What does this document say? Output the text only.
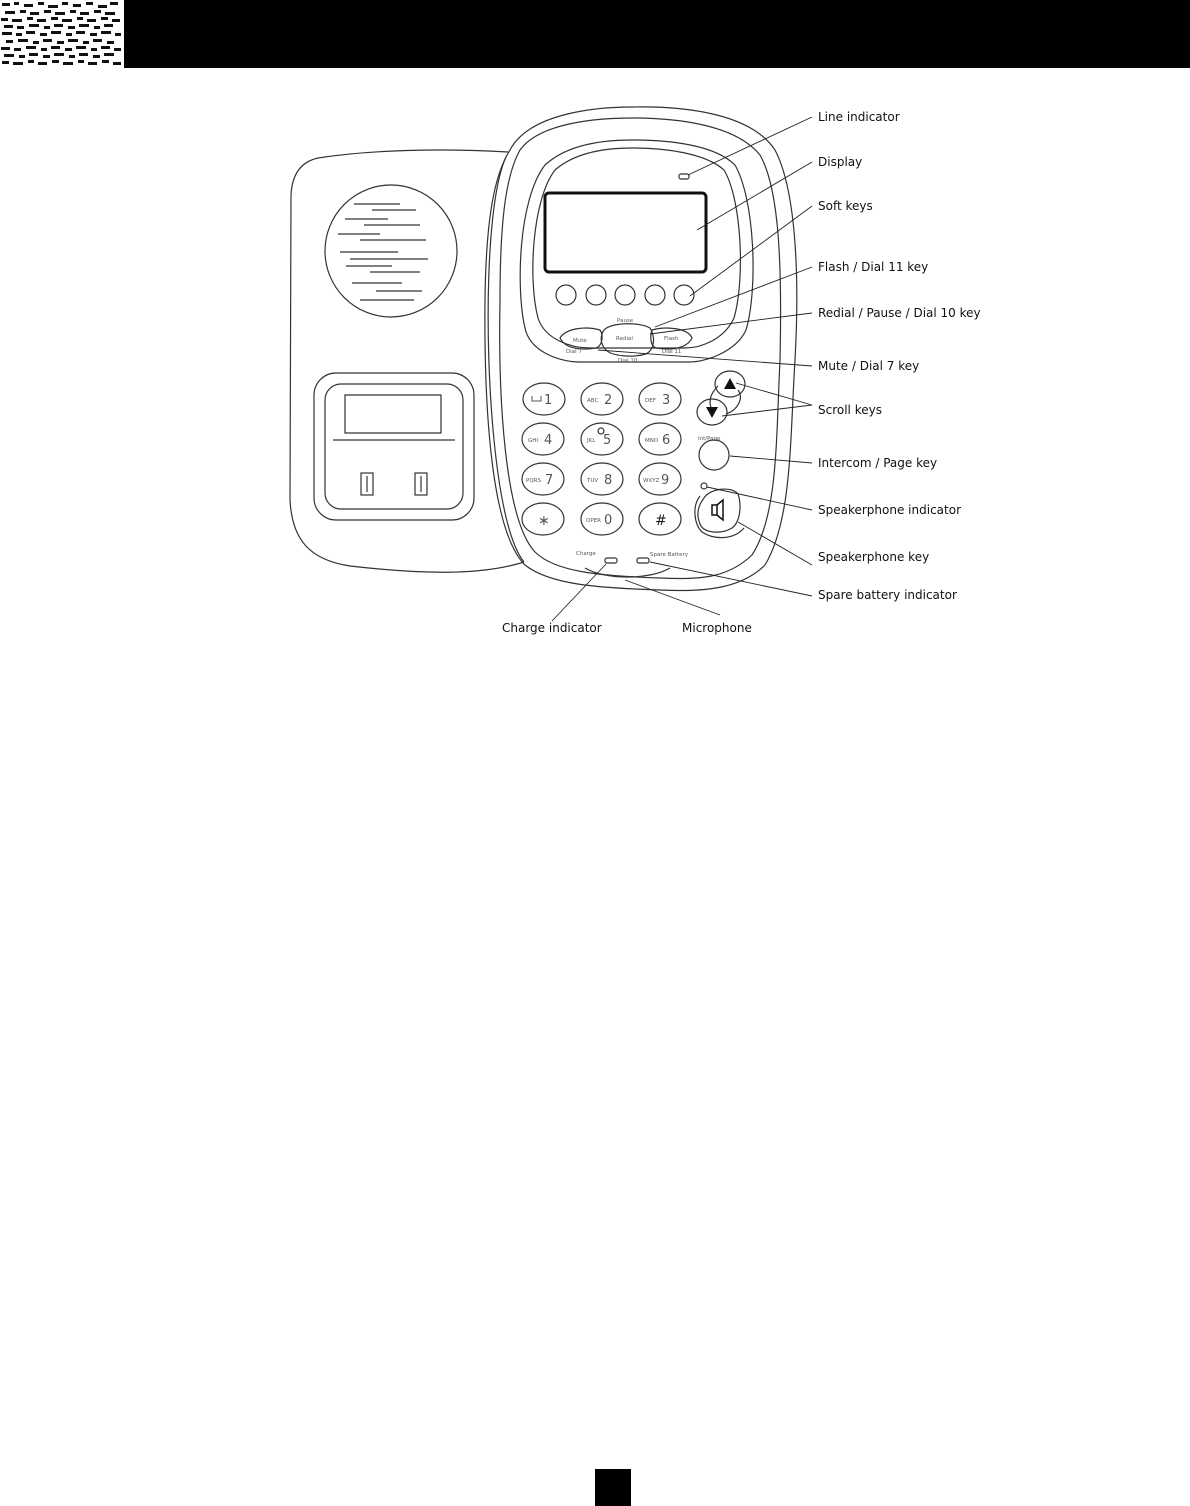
Mute	Redial	Flash
Pause
Dial 7
Dial 10
Dial 11
Int/Page
Charge	Spare Battery
1	ABC 2	DEF 3
GHI 4	JKL 5	MNO 6
PQRS 7	TUV 8	WXYZ 9
∗	OPER 0	#
Line indicator
Display
Soft keys
Flash / Dial 11 key
Redial / Pause / Dial 10 key
Mute / Dial 7 key
Scroll keys
Intercom / Page key
Speakerphone indicator
Speakerphone key
Spare battery indicator
Charge indicator	Microphone
